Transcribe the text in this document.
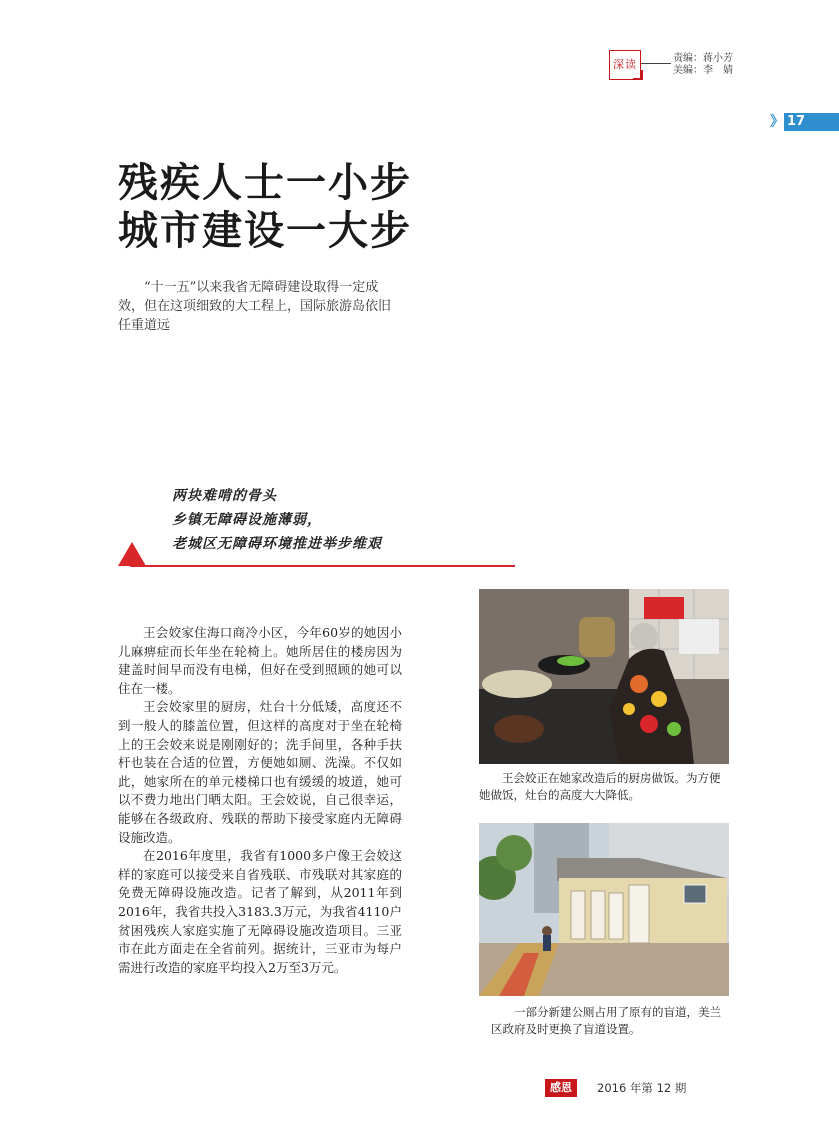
深读	责编：蒋小芳
美编：李　婧
》 17
残疾人士一小步
城市建设一大步
“十一五”以来我省无障碍建设取得一定成效，但在这项细致的大工程上，国际旅游岛依旧任重道远
两块难啃的骨头
乡镇无障碍设施薄弱，
老城区无障碍环境推进举步维艰

王会姣家住海口商冷小区，今年60岁的她因小儿麻痹症而长年坐在轮椅上。她所居住的楼房因为建盖时间早而没有电梯，但好在受到照顾的她可以住在一楼。

王会姣家里的厨房，灶台十分低矮，高度还不到一般人的膝盖位置，但这样的高度对于坐在轮椅上的王会姣来说是刚刚好的；洗手间里，各种手扶杆也装在合适的位置，方便她如厕、洗澡。不仅如此，她家所在的单元楼梯口也有缓缓的坡道，她可以不费力地出门晒太阳。王会姣说，自己很幸运，能够在各级政府、残联的帮助下接受家庭内无障碍设施改造。

在2016年度里，我省有1000多户像王会姣这样的家庭可以接受来自省残联、市残联对其家庭的免费无障碍设施改造。记者了解到，从2011年到2016年，我省共投入3183.3万元，为我省4110户贫困残疾人家庭实施了无障碍设施改造项目。三亚市在此方面走在全省前列。据统计，三亚市为每户需进行改造的家庭平均投入2万至3万元。

王会姣正在她家改造后的厨房做饭。为方便她做饭，灶台的高度大大降低。
一部分新建公厕占用了原有的盲道，美兰区政府及时更换了盲道设置。
感恩	2016 年第 12 期
